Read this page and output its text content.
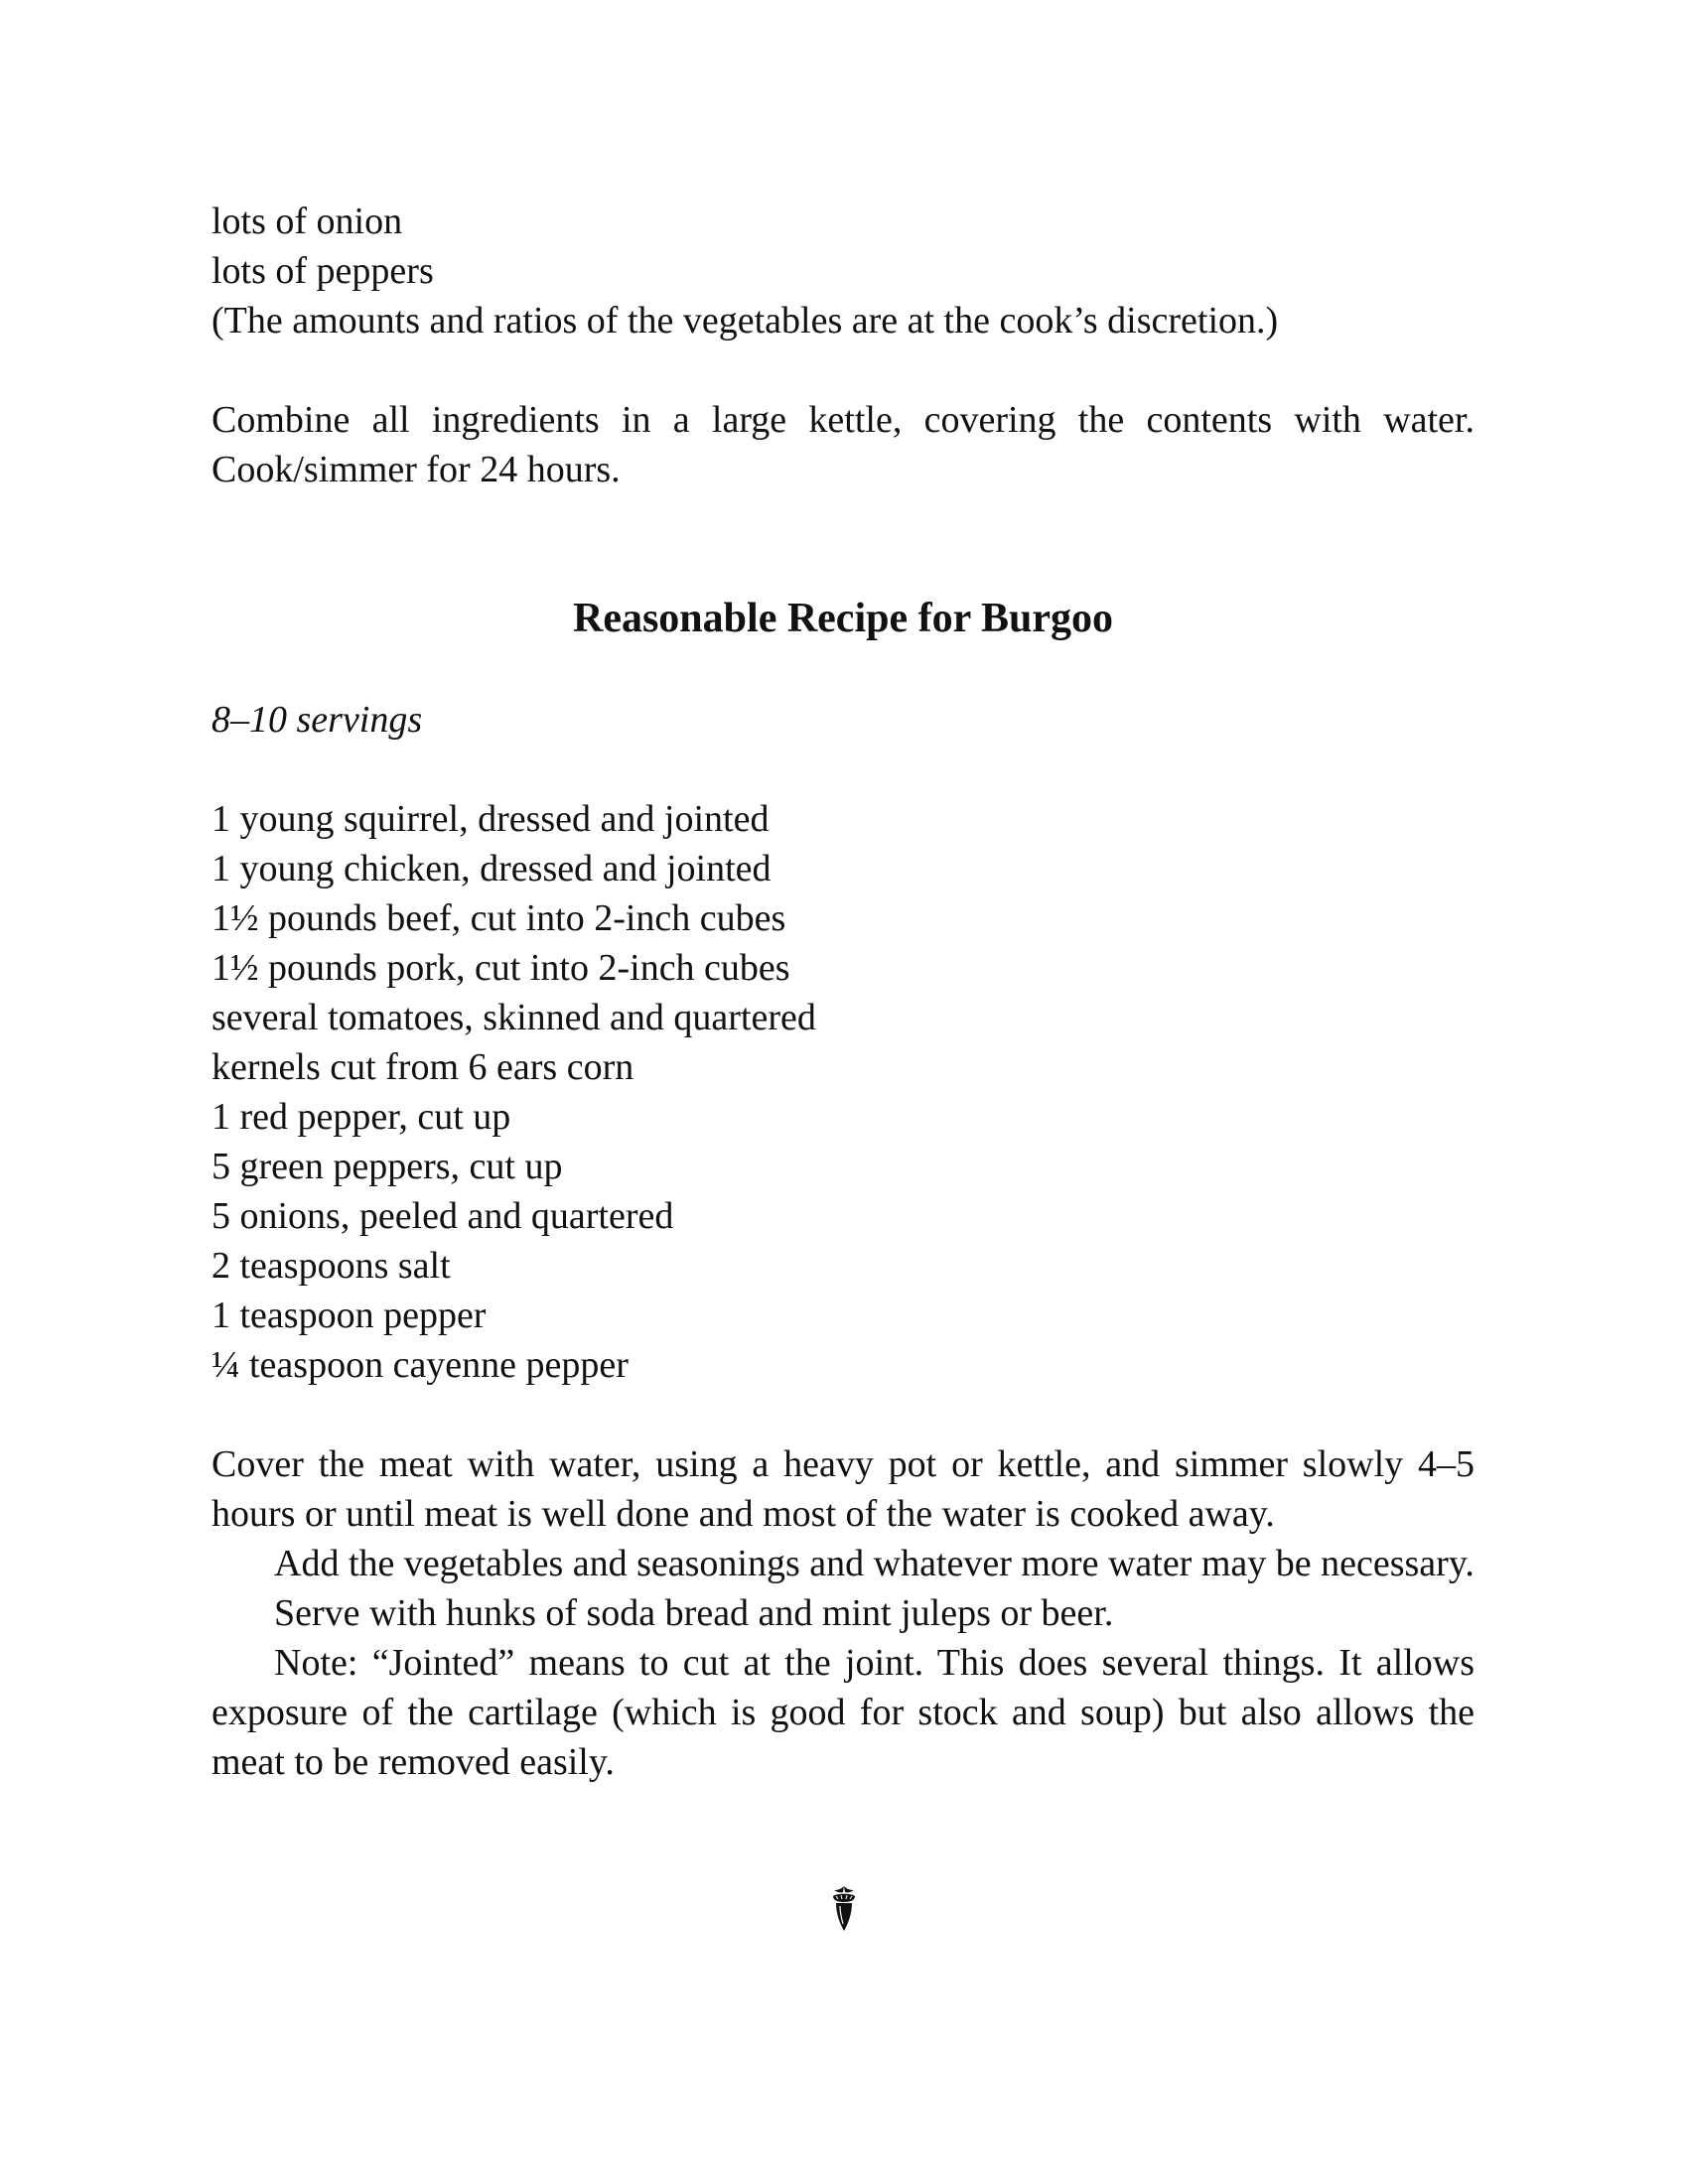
lots of onion
lots of peppers
(The amounts and ratios of the vegetables are at the cook’s discretion.)

Combine all ingredients in a large kettle, covering the contents with water. Cook/simmer for 24 hours.

Reasonable Recipe for Burgoo
8–10 servings
1 young squirrel, dressed and jointed
1 young chicken, dressed and jointed
1½ pounds beef, cut into 2-inch cubes
1½ pounds pork, cut into 2-inch cubes
several tomatoes, skinned and quartered
kernels cut from 6 ears corn
1 red pepper, cut up
5 green peppers, cut up
5 onions, peeled and quartered
2 teaspoons salt
1 teaspoon pepper
¼ teaspoon cayenne pepper

Cover the meat with water, using a heavy pot or kettle, and simmer slowly 4–5 hours or until meat is well done and most of the water is cooked away.

Add the vegetables and seasonings and whatever more water may be necessary.

Serve with hunks of soda bread and mint juleps or beer.

Note: “Jointed” means to cut at the joint. This does several things. It allows exposure of the cartilage (which is good for stock and soup) but also allows the meat to be removed easily.
